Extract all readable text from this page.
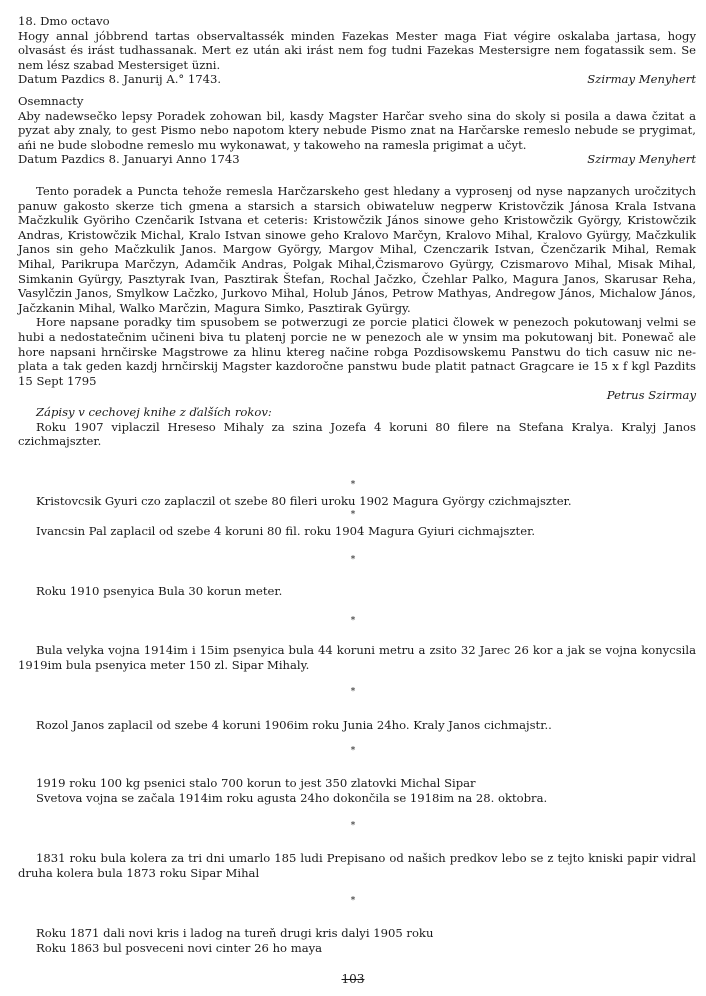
18. Dmo octavo

Hogy annal jóbbrend tartas observaltassék minden Fazekas Mester maga Fiat végire oskalaba jartasa, hogy olvasást és irást tudhassanak. Mert ez után aki irást nem fog tudni Fazekas Mestersigre nem fogatassik sem. Se nem lész szabad Mestersiget üzni.

Datum Pazdics 8. Janurij A.° 1743.	Szirmay Menyhert

Osemnacty

Aby nadewsečko lepsy Poradek zohowan bil, kasdy Magster Harčar sveho sina do skoly si posila a dawa čzitat a pyzat aby znaly, to gest Pismo nebo napotom ktery nebude Pismo znat na Harčarske remeslo nebude se prygimat, ańi ne bude slobodne remeslo mu wykonawat, y takoweho na ramesla prigimat a učyt.

Datum Pazdics 8. Januaryi Anno 1743	Szirmay Menyhert

Tento poradek a Puncta tehože remesla Harčzarskeho gest hledany a vyprosenj od nyse napzanych uročzitych panuw gakosto skerze tich gmena a starsich a starsich obiwateluw negperw Kristovčzik Jánosa Krala Istvana Mačzkulik Györiho Czenčarik Istvana et ceteris: Kristowčzik János sinowe geho Kristowčzik György, Kristowčzik Andras, Kristowčzik Michal, Kralo Istvan sinowe geho Kralovo Marčyn, Kralovo Mihal, Kralovo Gyürgy, Mačzkulik Janos sin geho Mačzkulik Janos. Margow György, Margov Mihal, Czenczarik Istvan, Čzenčzarik Mihal, Remak Mihal, Parikrupa Marčzyn, Adamčik Andras, Polgak Mihal,Čzismarovo Gyürgy, Czismarovo Mihal, Misak Mihal, Simkanin Gyürgy, Pasztyrak Ivan, Pasztirak Štefan, Rochal Jačzko, Čzehlar Palko, Magura Janos, Skarusar Reha, Vasylčzin Janos, Smylkow Lačzko, Jurkovo Mihal, Holub János, Petrow Mathyas, Andregow János, Michalow János, Jačzkanin Mihal, Walko Marčzin, Magura Simko, Pasztirak Gyürgy.

Hore napsane poradky tim spusobem se potwerzugi ze porcie platici člowek w penezoch pokutowanj velmi se hubi a nedostatečnim učineni biva tu platenj porcie ne w penezoch ale w ynsim ma pokutowanj bit. Ponewač ale hore napsani hrnčirske Magstrowe za hlinu ktereg načine robga Pozdisowskemu Panstwu do tich casuw nic neplata a tak geden kazdj hrnčirskij Magster kazdoročne panstwu bude platit patnact Gragcare ie 15 x f kgl Pazdits 15 Sept 1795

Petrus Szirmay

Zápisy v cechovej knihe z ďalších rokov:

Roku 1907 viplaczil Hreseso Mihaly za szina Jozefa 4 koruni 80 filere na Stefana Kralya. Kralyj Janos czichmajszter.

*

Kristovcsik Gyuri czo zaplaczil ot szebe 80 fileri uroku 1902 Magura György czichmajszter.

*

Ivancsin Pal zaplacil od szebe 4 koruni 80 fil. roku 1904 Magura Gyiuri cichmajszter.

*

Roku 1910 psenyica Bula 30 korun meter.

*

Bula velyka vojna 1914im i 15im psenyica bula 44 koruni metru a zsito 32 Jarec 26 kor a jak se vojna konycsila 1919im bula psenyica meter 150 zl. Sipar Mihaly.

*

Rozol Janos zaplacil od szebe 4 koruni 1906im roku Junia 24ho. Kraly Janos cichmajstr..

*

1919 roku 100 kg psenici stalo 700 korun to jest 350 zlatovki Michal Sipar

Svetova vojna se začala 1914im roku agusta 24ho dokončila se 1918im na 28. oktobra.

*

1831 roku bula kolera za tri dni umarlo 185 ludi Prepisano od našich predkov lebo se z tejto kniski papir vidral druha kolera bula 1873 roku Sipar Mihal

*

Roku 1871 dali novi kris i ladog na tureň drugi kris dalyi 1905 roku

Roku 1863 bul posveceni novi cinter 26 ho maya

103
